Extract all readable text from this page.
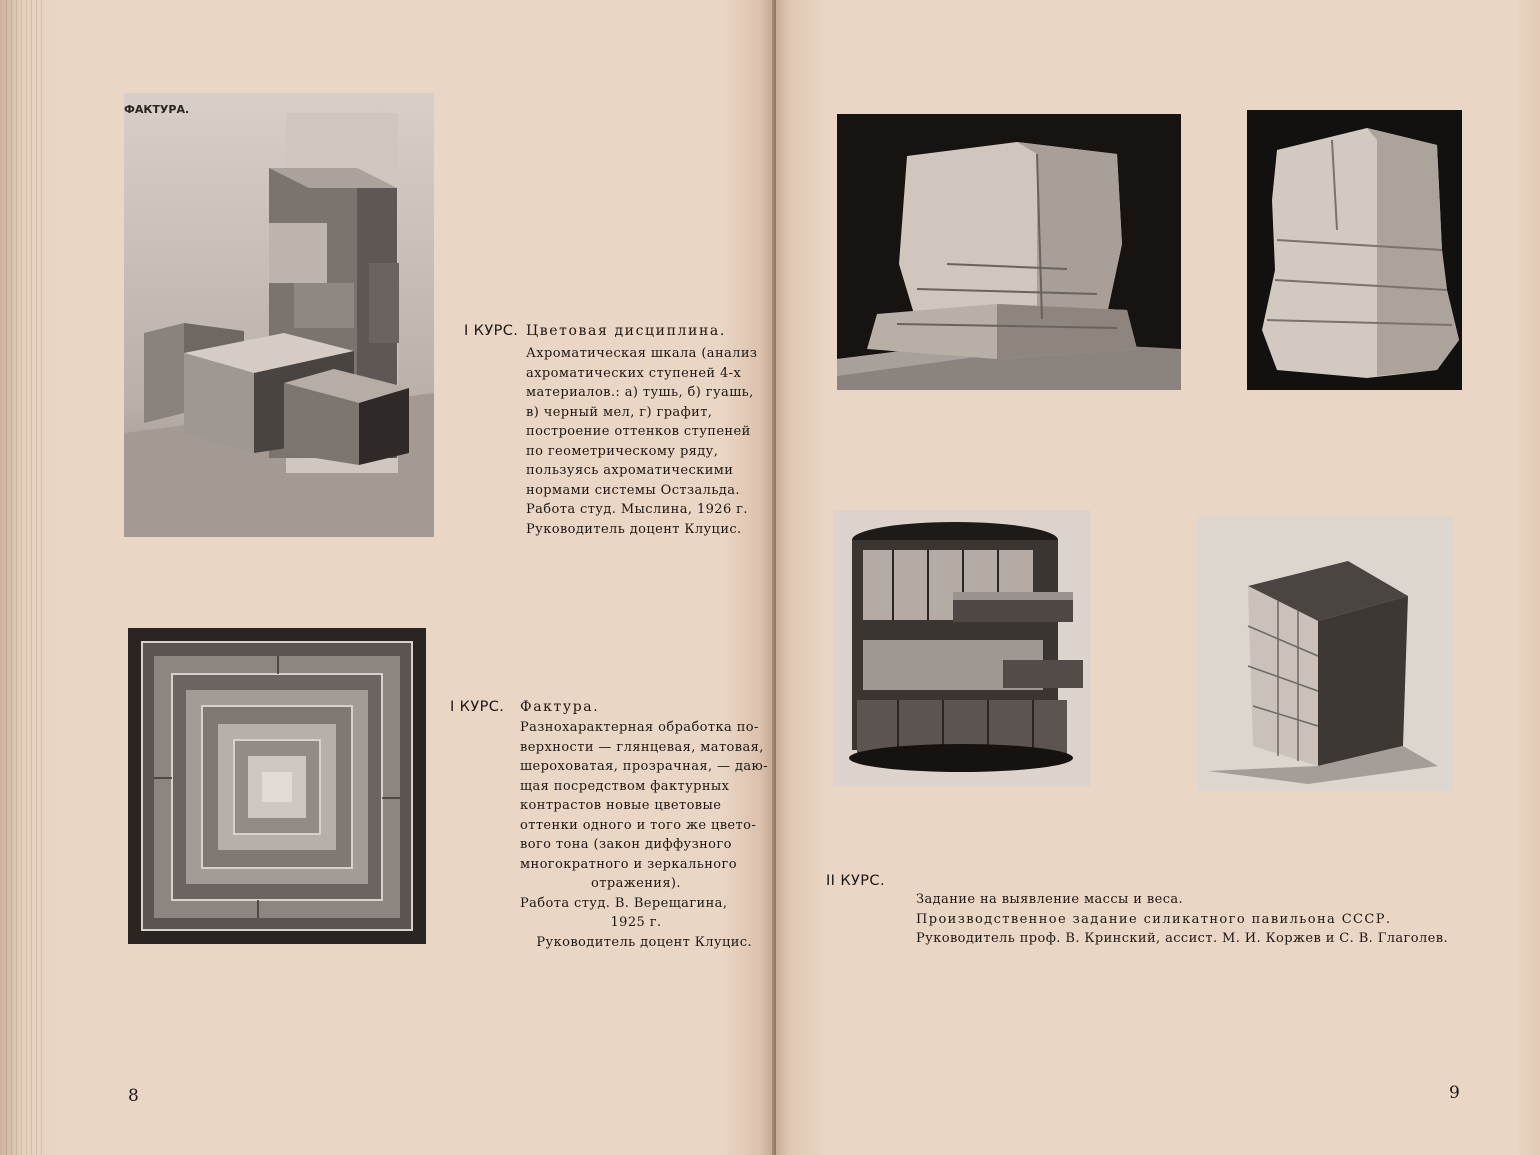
ФАКТУРА.
I КУРС. Цветовая дисциплина.
Ахроматическая шкала (анализ
ахроматических ступеней 4-х
материалов.: а) тушь, б) гуашь,
в) черный мел, г) графит,
построение оттенков ступеней
по геометрическому ряду,
пользуясь ахроматическими
нормами системы Остзальда.
Работа студ. Мыслина, 1926 г.
Руководитель доцент Клуцис.
I КУРС. Фактура.
Разнохарактерная обработка по-
верхности — глянцевая, матовая,
шероховатая, прозрачная, — даю-
щая посредством фактурных
контрастов новые цветовые
оттенки одного и того же цвето-
вого тона (закон диффузного
многократного и зеркального
отражения).
Работа студ. В. Верещагина,
1925 г.
Руководитель доцент Клуцис.
8
II КУРС.
Задание на выявление массы и веса.
Производственное задание силикатного павильона СССР.
Руководитель проф. В. Кринский, ассист. М. И. Коржев и С. В. Глаголев.
9
